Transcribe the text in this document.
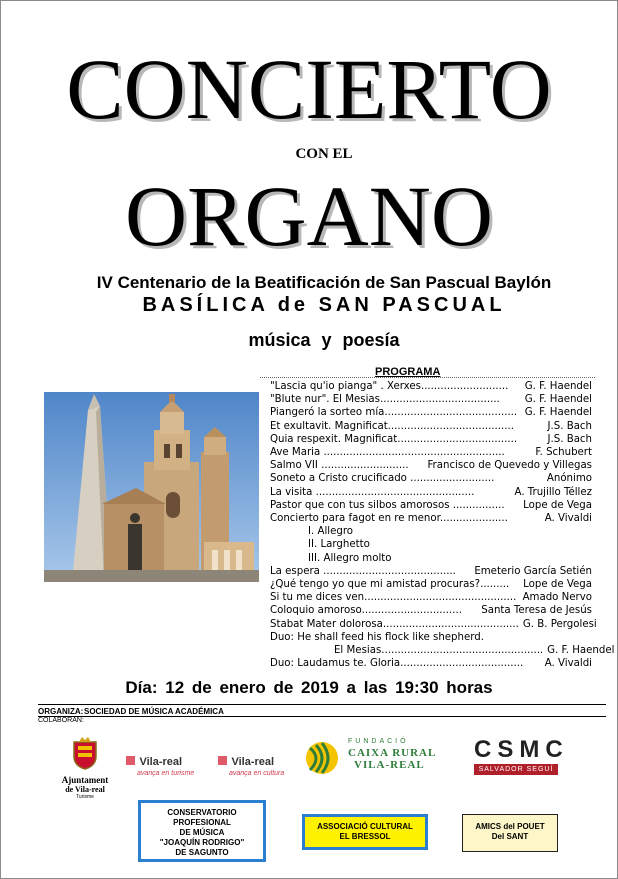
CONCIERTO
CON EL
ORGANO
IV Centenario de la Beatificación de San Pascual Baylón
BASÍLICA de SAN PASCUAL
música y poesía
PROGRAMA
"Lascia qu'io pianga" . Xerxes...........................	G. F. Haendel
"Blute nur". El Mesias.....................................	G. F. Haendel
Piangeró la sorteo mía......................................... G. F. Haendel
Et exultavit. Magnificat.......................................	J.S. Bach
Quia respexit. Magnificat.....................................	J.S. Bach
Ave Maria ........................................................	F. Schubert
Salmo VII ...........................	Francisco de Quevedo y Villegas
Soneto a Cristo crucificado ..........................	Anónimo
La visita .................................................	A. Trujillo Téllez
Pastor que con tus silbos amorosos ................	Lope de Vega
Concierto para fagot en re menor.....................	A. Vivaldi
I. Allegro
II. Larghetto
III. Allegro molto
La espera .........................................	Emeterio García Setién
¿Qué tengo yo que mi amistad procuras?.........	Lope de Vega
Si tu me dices ven............................................... Amado Nervo
Coloquio amoroso...............................	Santa Teresa de Jesús
Stabat Mater dolorosa.......................................... G. B. Pergolesi
Duo: He shall feed his flock like shepherd.
El Mesias.................................................. G. F. Haendel
Duo: Laudamus te. Gloria......................................	A. Vivaldi
Día: 12 de enero de 2019 a las 19:30 horas
ORGANIZA: SOCIEDAD DE MÚSICA ACADÉMICA
COLABORAN:
Ajuntament
de Vila-real
Turisme
Vila-real
avança en turisme
Vila-real
avança en cultura
FUNDACIÓ
CAIXA RURAL
VILA-REAL
CSMC
SALVADOR SEGUÍ
CONSERVATORIO
PROFESIONAL
DE MÚSICA
"JOAQUÍN RODRIGO"
DE SAGUNTO
ASSOCIACIÓ CULTURAL
EL BRESSOL
AMICS del POUET
Del SANT
